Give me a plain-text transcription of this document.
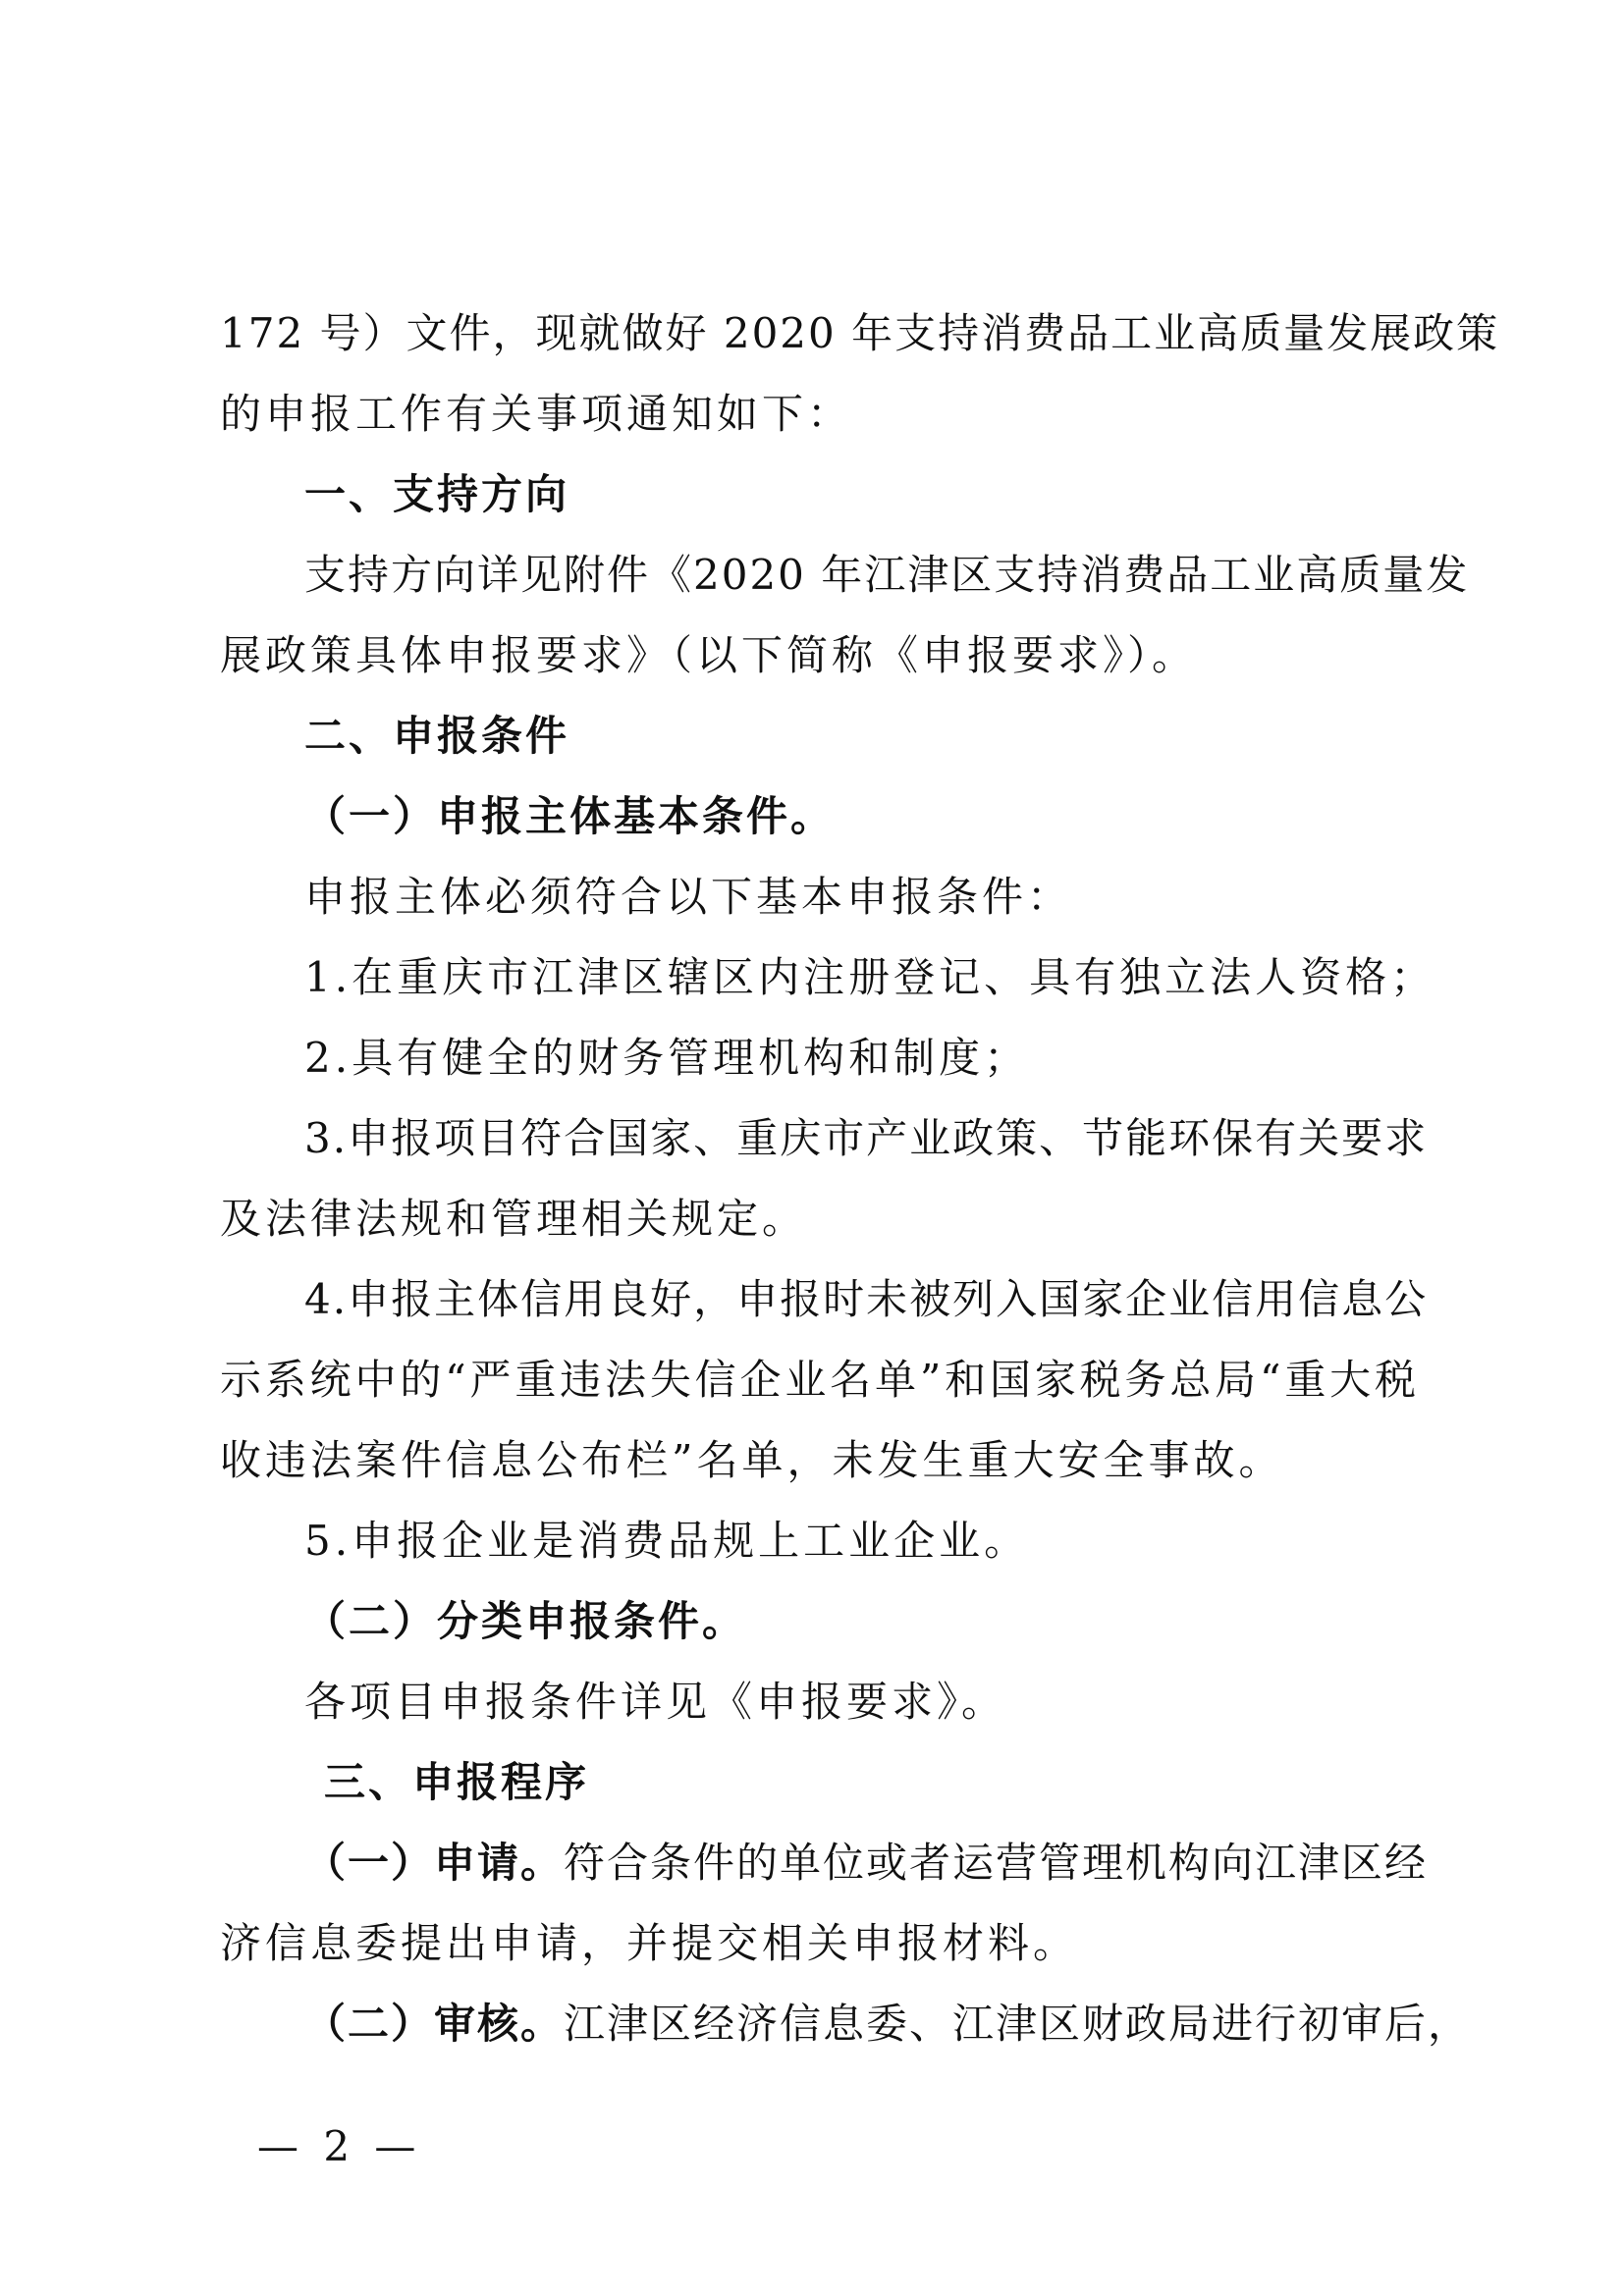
172 号）文件，现就做好 2020 年支持消费品工业高质量发展政策
的申报工作有关事项通知如下：
一、支持方向
支持方向详见附件《2020 年江津区支持消费品工业高质量发
展政策具体申报要求》（以下简称《申报要求》）。
二、申报条件
（一）申报主体基本条件。
申报主体必须符合以下基本申报条件：
1.在重庆市江津区辖区内注册登记、具有独立法人资格；
2.具有健全的财务管理机构和制度；
3.申报项目符合国家、重庆市产业政策、节能环保有关要求
及法律法规和管理相关规定。
4.申报主体信用良好，申报时未被列入国家企业信用信息公
示系统中的“严重违法失信企业名单”和国家税务总局“重大税
收违法案件信息公布栏”名单，未发生重大安全事故。
5.申报企业是消费品规上工业企业。
（二）分类申报条件。
各项目申报条件详见《申报要求》。
三、申报程序
（一）申请。符合条件的单位或者运营管理机构向江津区经
济信息委提出申请，并提交相关申报材料。
（二）审核。江津区经济信息委、江津区财政局进行初审后，
— 2 —
